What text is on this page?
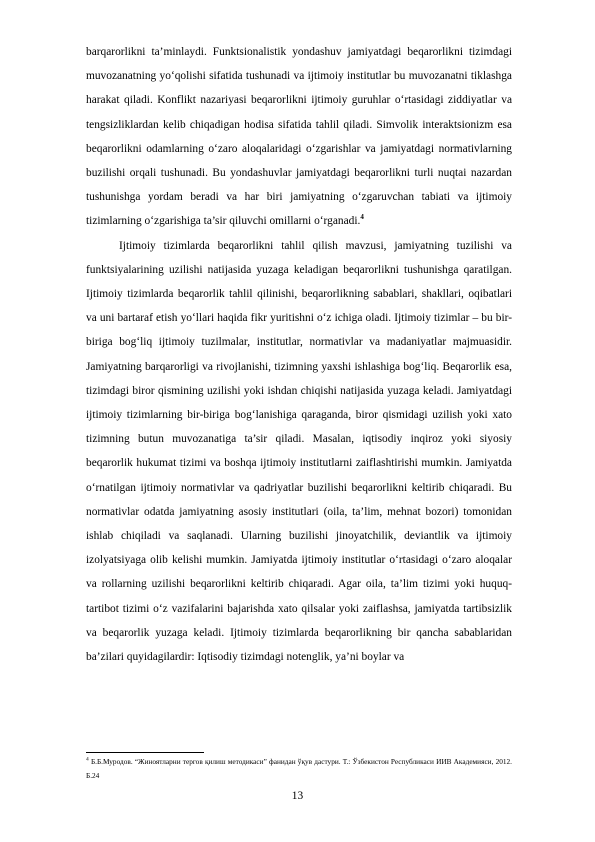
barqarorlikni ta’minlaydi. Funktsionalistik yondashuv jamiyatdagi beqarorlikni tizimdagi muvozanatning yo‘qolishi sifatida tushunadi va ijtimoiy institutlar bu muvozanatni tiklashga harakat qiladi. Konflikt nazariyasi beqarorlikni ijtimoiy guruhlar o‘rtasidagi ziddiyatlar va tengsizliklardan kelib chiqadigan hodisa sifatida tahlil qiladi. Simvolik interaktsionizm esa beqarorlikni odamlarning o‘zaro aloqalaridagi o‘zgarishlar va jamiyatdagi normativlarning buzilishi orqali tushunadi. Bu yondashuvlar jamiyatdagi beqarorlikni turli nuqtai nazardan tushunishga yordam beradi va har biri jamiyatning o‘zgaruvchan tabiati va ijtimoiy tizimlarning o‘zgarishiga ta’sir qiluvchi omillarni o‘rganadi.$^4$

Ijtimoiy tizimlarda beqarorlikni tahlil qilish mavzusi, jamiyatning tuzilishi va funktsiyalarining uzilishi natijasida yuzaga keladigan beqarorlikni tushunishga qaratilgan. Ijtimoiy tizimlarda beqarorlik tahlil qilinishi, beqarorlikning sabablari, shakllari, oqibatlari va uni bartaraf etish yo‘llari haqida fikr yuritishni o‘z ichiga oladi. Ijtimoiy tizimlar – bu bir-biriga bog‘liq ijtimoiy tuzilmalar, institutlar, normativlar va madaniyatlar majmuasidir. Jamiyatning barqarorligi va rivojlanishi, tizimning yaxshi ishlashiga bog‘liq. Beqarorlik esa, tizimdagi biror qismining uzilishi yoki ishdan chiqishi natijasida yuzaga keladi. Jamiyatdagi ijtimoiy tizimlarning bir-biriga bog‘lanishiga qaraganda, biror qismidagi uzilish yoki xato tizimning butun muvozanatiga ta’sir qiladi. Masalan, iqtisodiy inqiroz yoki siyosiy beqarorlik hukumat tizimi va boshqa ijtimoiy institutlarni zaiflashtirishi mumkin. Jamiyatda o‘rnatilgan ijtimoiy normativlar va qadriyatlar buzilishi beqarorlikni keltirib chiqaradi. Bu normativlar odatda jamiyatning asosiy institutlari (oila, ta’lim, mehnat bozori) tomonidan ishlab chiqiladi va saqlanadi. Ularning buzilishi jinoyatchilik, deviantlik va ijtimoiy izolyatsiyaga olib kelishi mumkin. Jamiyatda ijtimoiy institutlar o‘rtasidagi o‘zaro aloqalar va rollarning uzilishi beqarorlikni keltirib chiqaradi. Agar oila, ta’lim tizimi yoki huquq-tartibot tizimi o‘z vazifalarini bajarishda xato qilsalar yoki zaiflashsa, jamiyatda tartibsizlik va beqarorlik yuzaga keladi. Ijtimoiy tizimlarda beqarorlikning bir qancha sabablaridan ba’zilari quyidagilardir: Iqtisodiy tizimdagi notenglik, ya’ni boylar va

$^4$ Б.Б.Муродов. “Жиноятларни тергов қилиш методикаси” фанидан ўқув дастури. Т.: Ўзбекистон Республикаси ИИВ Академияси, 2012. Б.24
13
